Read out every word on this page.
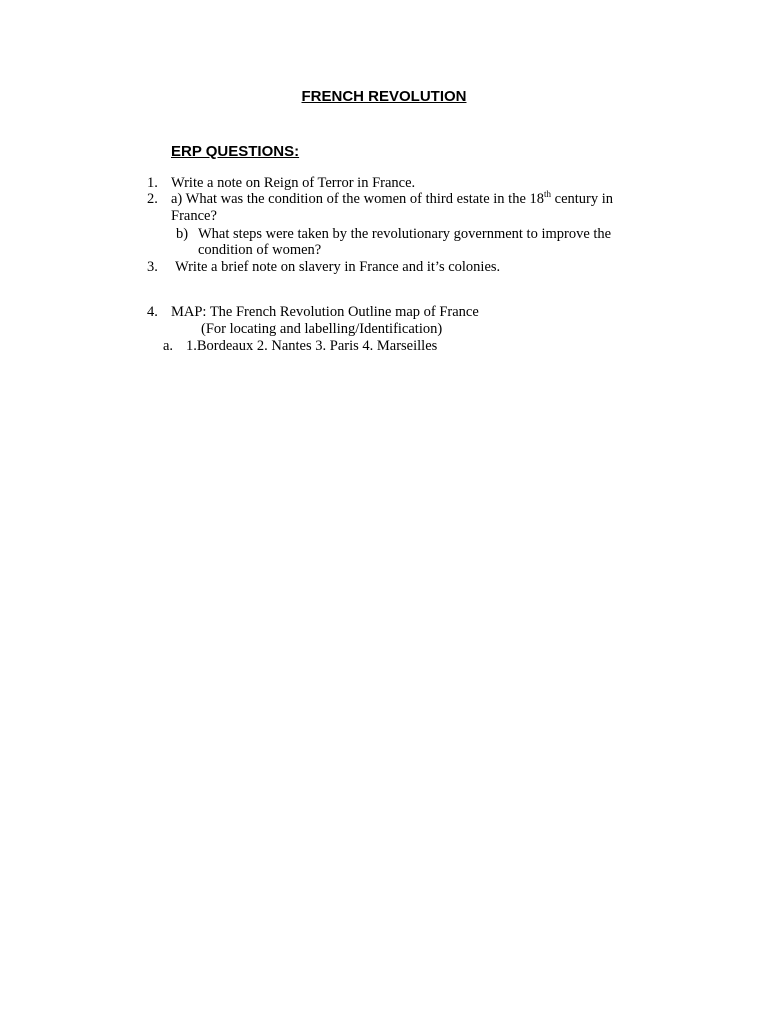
FRENCH REVOLUTION
ERP QUESTIONS:
1. Write a note on Reign of Terror in France.
2. a) What was the condition of the women of third estate in the 18th century in
France?
b) What steps were taken by the revolutionary government to improve the
condition of women?
3. Write a brief note on slavery in France and it’s colonies.
4. MAP: The French Revolution Outline map of France
(For locating and labelling/Identification)
a. 1.Bordeaux 2. Nantes 3. Paris 4. Marseilles
